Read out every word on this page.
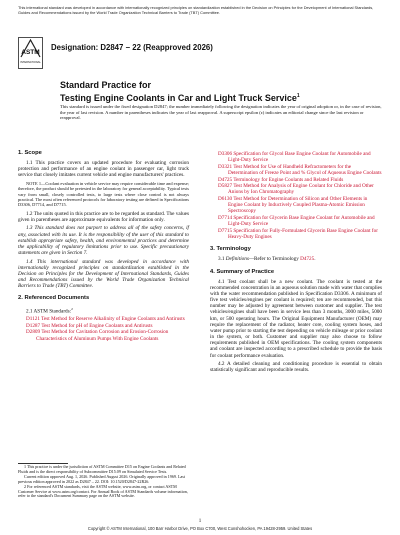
This international standard was developed in accordance with internationally recognized principles on standardization established in the Decision on Principles for the Development of International Standards, Guides and Recommendations issued by the World Trade Organization Technical Barriers to Trade (TBT) Committee.
ASTM
INTERNATIONAL
Designation: D2847 − 22 (Reapproved 2026)
Standard Practice for
Testing Engine Coolants in Car and Light Truck Service$^1$
This standard is issued under the fixed designation D2847; the number immediately following the designation indicates the year of original adoption or, in the case of revision, the year of last revision. A number in parentheses indicates the year of last reapproval. A superscript epsilon (ε) indicates an editorial change since the last revision or reapproval.
1. Scope
1.1 This practice covers an updated procedure for evaluating corrosion protection and performance of an engine coolant in passenger car, light truck service that closely imitates current vehicle and engine manufacturers' practices.
NOTE 1—Coolant evaluation in vehicle service may require considerable time and expense; therefore, the product should be pretested in the laboratory for general acceptability. Typical tests vary from small, closely controlled tests, to large tests where close control is not always practical. The most often referenced protocols for laboratory testing are defined in Specifications D3306, D7714, and D7715.
1.2 The units quoted in this practice are to be regarded as standard. The values given in parentheses are approximate equivalents for information only.
1.3 This standard does not purport to address all of the safety concerns, if any, associated with its use. It is the responsibility of the user of this standard to establish appropriate safety, health, and environmental practices and determine the applicability of regulatory limitations prior to use. Specific precautionary statements are given in Section 7.
1.4 This international standard was developed in accordance with internationally recognized principles on standardization established in the Decision on Principles for the Development of International Standards, Guides and Recommendations issued by the World Trade Organization Technical Barriers to Trade (TBT) Committee.
2. Referenced Documents
2.1 ASTM Standards:$^2$
D1121 Test Method for Reserve Alkalinity of Engine Coolants and Antirusts
D1287 Test Method for pH of Engine Coolants and Antirusts
D2809 Test Method for Cavitation Corrosion and Erosion-Corrosion Characteristics of Aluminum Pumps With Engine Coolants
1 This practice is under the jurisdiction of ASTM Committee D15 on Engine Coolants and Related Fluids and is the direct responsibility of Subcommittee D15.09 on Simulated Service Tests.
Current edition approved Aug. 1, 2026. Published August 2026. Originally approved in 1969. Last previous edition approved in 2022 as D2847 – 22. DOI: 10.1520/D2847-22R26.
2 For referenced ASTM standards, visit the ASTM website, www.astm.org, or contact ASTM Customer Service at www.astm.org/contact. For Annual Book of ASTM Standards volume information, refer to the standard's Document Summary page on the ASTM website.
D3306 Specification for Glycol Base Engine Coolant for Automobile and Light-Duty Service
D3321 Test Method for Use of Handheld Refractometers for the Determination of Freeze Point and % Glycol of Aqueous Engine Coolants
D4725 Terminology for Engine Coolants and Related Fluids
D5827 Test Method for Analysis of Engine Coolant for Chloride and Other Anions by Ion Chromatography
D6130 Test Method for Determination of Silicon and Other Elements in Engine Coolant by Inductively Coupled Plasma-Atomic Emission Spectroscopy
D7714 Specification for Glycerin Base Engine Coolant for Automobile and Light-Duty Service
D7715 Specification for Fully-Formulated Glycerin Base Engine Coolant for Heavy-Duty Engines
3. Terminology
3.1 Definitions—Refer to Terminology D4725.
4. Summary of Practice
4.1 Test coolant shall be a new coolant. The coolant is tested at the recommended concentration in an aqueous solution made with water that complies with the water recommendation published in Specification D3306. A minimum of five test vehicles/engines per coolant is required; ten are recommended, but this number may be adjusted by agreement between customer and supplier. The test vehicles/engines shall have been in service less than 3 months, 3000 miles, 5000 km, or 500 operating hours. The Original Equipment Manufacturer (OEM) may require the replacement of the radiator, heater core, cooling system hoses, and water pump prior to starting the test depending on vehicle mileage or prior coolant in the system, or both. Customer and supplier may also choose to follow requirements published in OEM specifications. The cooling system components and coolant are inspected according to a prescribed schedule to provide the basis for coolant performance evaluation.
4.2 A detailed cleaning and conditioning procedure is essential to obtain statistically significant and reproducible results.
1
Copyright © ASTM International, 100 Barr Harbor Drive, PO Box C700, West Conshohocken, PA 19428-2959. United States
